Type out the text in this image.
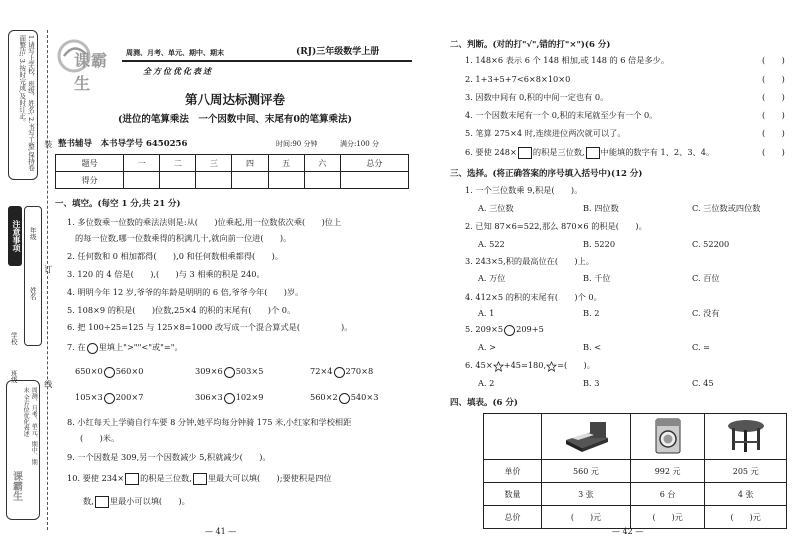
1.请写上学校、班级、姓名; 2.书写工整,保持卷面整洁; 3.按时完成,及时订正。
注意事项 年级
姓名
学校
班级
装
订
线
周测、月考、单元、期中、期末 全方位优化表述
课霸生
课霸生
周测、月考、单元、期中、期末
全方位优化表述
(RJ)三年级数学上册
第八周达标测评卷
(进位的笔算乘法　一个因数中间、末尾有0的笔算乘法)
整书辅导　本书导学号 6450256	时间:90 分钟	满分:100 分
题号	一	二	三	四	五	六	总分
得分							
一、填空。(每空 1 分,共 21 分)
1. 多位数乘一位数的乘法法则是:从(　　)位乘起,用一位数依次乘(　　)位上
的每一位数,哪一位数乘得的积满几十,就向前一位进(　　)。
2. 任何数和 0 相加都得(　　),0 和任何数相乘都得(　　)。
3. 120 的 4 倍是(　　),(　　)与 3 相乘的积是 240。
4. 明明今年 12 岁,爷爷的年龄是明明的 6 倍,爷爷今年(　　)岁。
5. 108×9 的积是(　　)位数,25×4 的积的末尾有(　　)个 0。
6. 把 100÷25=125 与 125×8=1000 改写成一个混合算式是(　　　　　)。
7. 在 里填上">""<"或"="。
650×0 560×0	309×6 503×5	72×4 270×8
105×3 200×7	306×3 102×9	560×2 540×3
8. 小红每天上学骑自行车要 8 分钟,她平均每分钟骑 175 米,小红家和学校相距
(　　)米。
9. 一个因数是 309,另一个因数减少 5,积就减少(　　)。
10. 要使 234× 的积是三位数, 里最大可以填(　　);要使积是四位
数, 里最小可以填(　　)。
— 41 —
二、判断。(对的打"√",错的打"×")(6 分)
1. 148×6 表示 6 个 148 相加,或 148 的 6 倍是多少。	(　　)
2. 1+3+5+7<6×8×10×0	(　　)
3. 因数中间有 0,积的中间一定也有 0。	(　　)
4. 一个因数末尾有一个 0,积的末尾就至少有一个 0。	(　　)
5. 笔算 275×4 时,连续进位两次就可以了。	(　　)
6. 要使 248× 的积是三位数, 中能填的数字有 1、2、3、4。	(　　)
三、选择。(将正确答案的序号填入括号中)(12 分)
1. 一个三位数乘 9,积是(　　)。
A. 三位数	B. 四位数	C. 三位数或四位数
2. 已知 87×6=522,那么 870×6 的积是(　　)。
A. 522	B. 5220	C. 52200
3. 243×5,积的最高位在(　　)上。
A. 万位	B. 千位	C. 百位
4. 412×5 的积的末尾有(　　)个 0。
A. 1	B. 2	C. 没有
5. 209×5 209+5
A. >	B. <	C. =
6. 45× +45=180, =(　　)。
A. 2	B. 3	C. 45
四、填表。(6 分)

单价	560 元	992 元	205 元
数量	3 张	6 台	4 张
总价	(　　)元	(　　)元	(　　)元
— 42 —
